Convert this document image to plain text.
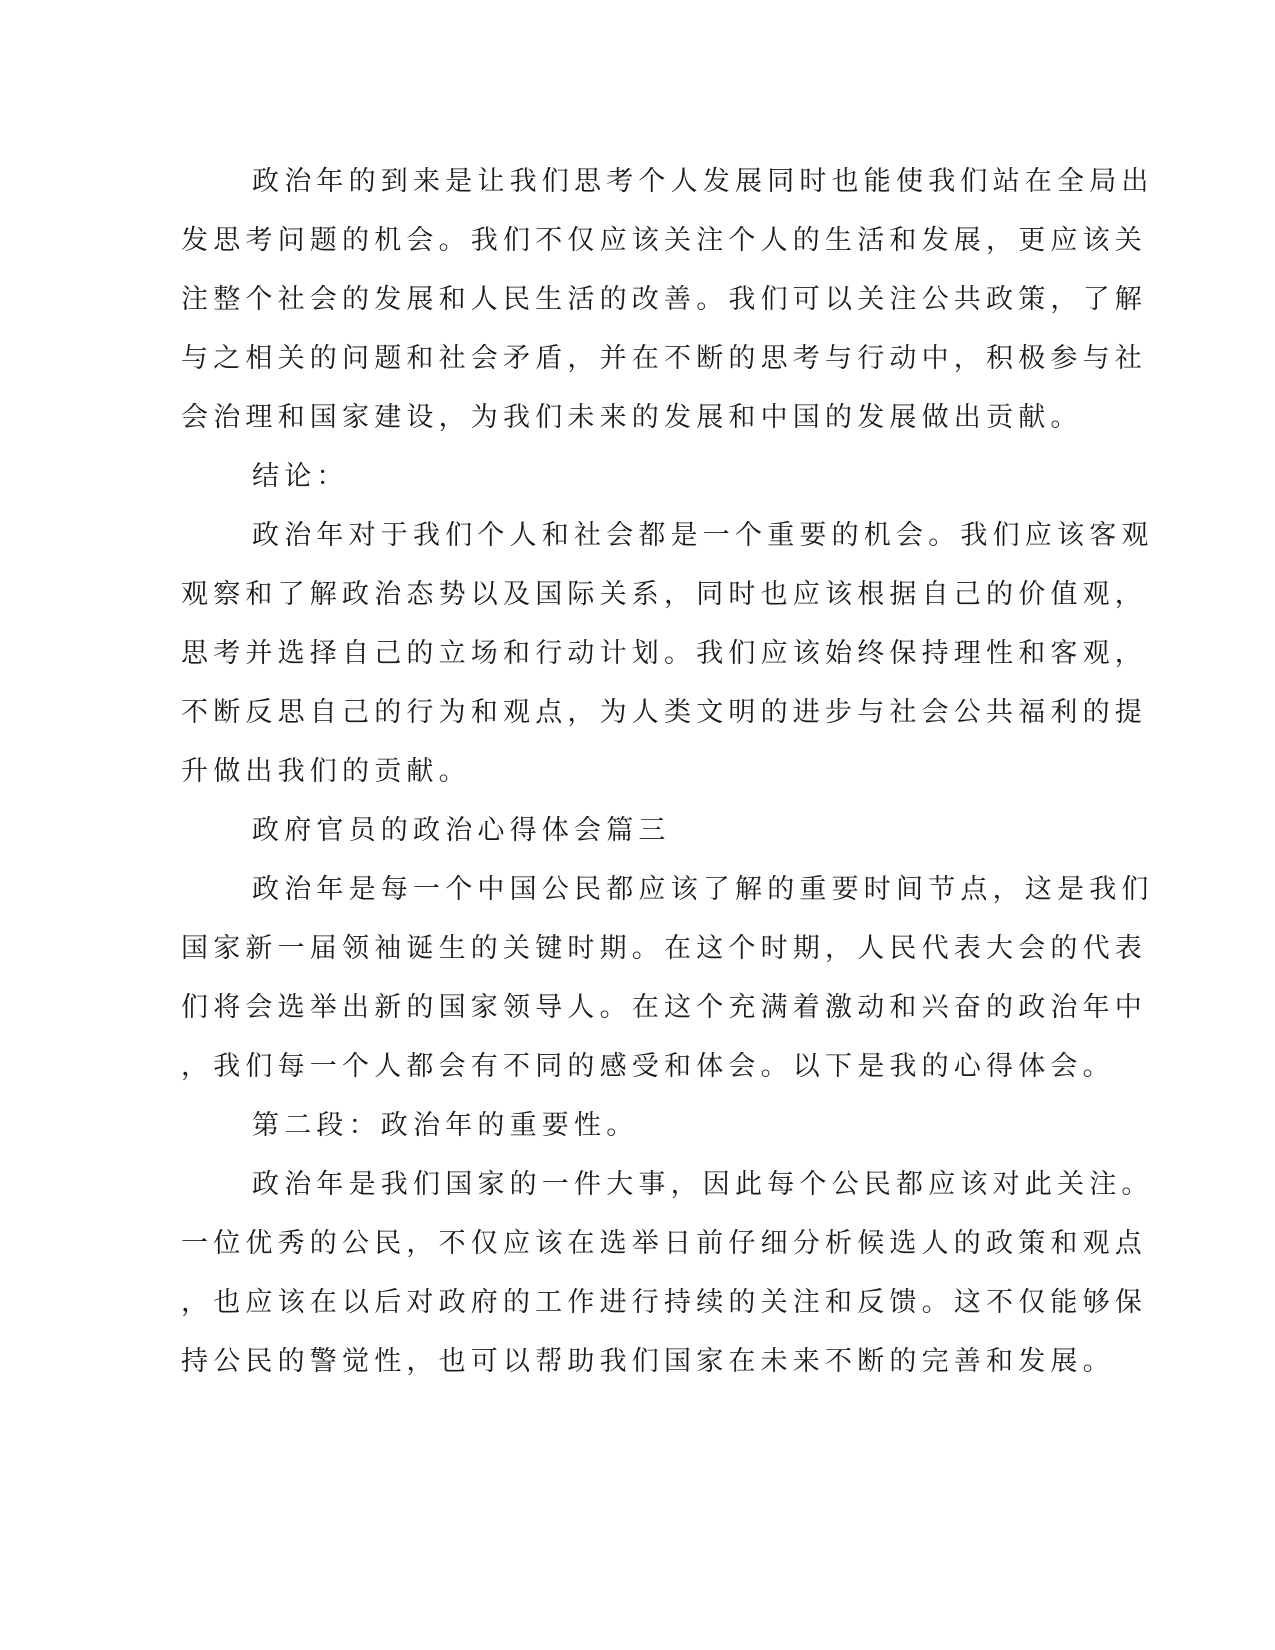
政治年的到来是让我们思考个人发展同时也能使我们站在全局出
发思考问题的机会。我们不仅应该关注个人的生活和发展，更应该关
注整个社会的发展和人民生活的改善。我们可以关注公共政策，了解
与之相关的问题和社会矛盾，并在不断的思考与行动中，积极参与社
会治理和国家建设，为我们未来的发展和中国的发展做出贡献。
结论：
政治年对于我们个人和社会都是一个重要的机会。我们应该客观
观察和了解政治态势以及国际关系，同时也应该根据自己的价值观，
思考并选择自己的立场和行动计划。我们应该始终保持理性和客观，
不断反思自己的行为和观点，为人类文明的进步与社会公共福利的提
升做出我们的贡献。
政府官员的政治心得体会篇三
政治年是每一个中国公民都应该了解的重要时间节点，这是我们
国家新一届领袖诞生的关键时期。在这个时期，人民代表大会的代表
们将会选举出新的国家领导人。在这个充满着激动和兴奋的政治年中
，我们每一个人都会有不同的感受和体会。以下是我的心得体会。
第二段：政治年的重要性。
政治年是我们国家的一件大事，因此每个公民都应该对此关注。
一位优秀的公民，不仅应该在选举日前仔细分析候选人的政策和观点
，也应该在以后对政府的工作进行持续的关注和反馈。这不仅能够保
持公民的警觉性，也可以帮助我们国家在未来不断的完善和发展。
